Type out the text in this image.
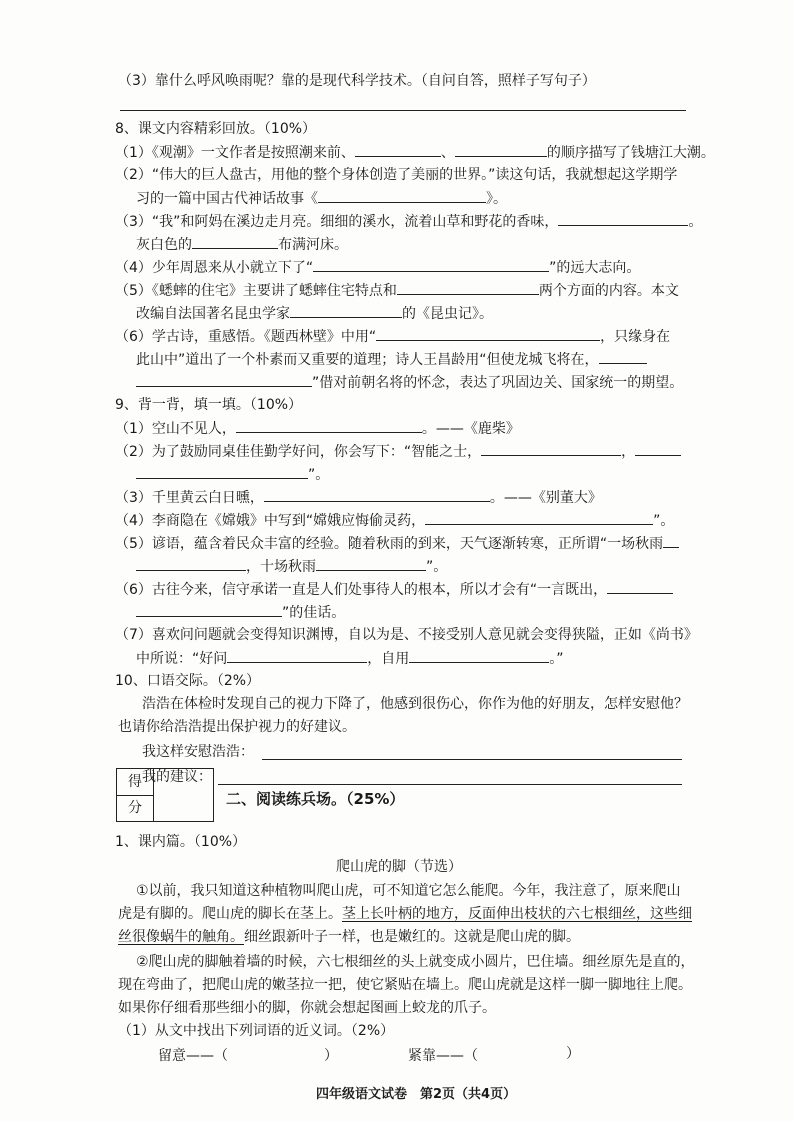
（3）靠什么呼风唤雨呢？靠的是现代科学技术。（自问自答，照样子写句子）
8、课文内容精彩回放。（10%）
（1）《观潮》一文作者是按照潮来前、	、	的顺序描写了钱塘江大潮。
（2）“伟大的巨人盘古，用他的整个身体创造了美丽的世界。”读这句话，我就想起这学期学
习的一篇中国古代神话故事《	》。
（3）“我”和阿妈在溪边走月亮。细细的溪水，流着山草和野花的香味，	。
灰白色的	布满河床。
（4）少年周恩来从小就立下了“	”的远大志向。
（5）《蟋蟀的住宅》主要讲了蟋蟀住宅特点和	两个方面的内容。本文
改编自法国著名昆虫学家	的《昆虫记》。
（6）学古诗，重感悟。《题西林壁》中用“	，只缘身在
此山中”道出了一个朴素而又重要的道理；诗人王昌龄用“但使龙城飞将在，
”借对前朝名将的怀念，表达了巩固边关、国家统一的期望。
9、背一背，填一填。（10%）
（1）空山不见人，	。——《鹿柴》
（2）为了鼓励同桌佳佳勤学好问，你会写下：“智能之士，	，
”。
（3）千里黄云白日曛，	。——《别董大》
（4）李商隐在《嫦娥》中写到“嫦娥应悔偷灵药，	”。
（5）谚语，蕴含着民众丰富的经验。随着秋雨的到来，天气逐渐转寒，正所谓“一场秋雨
，十场秋雨	”。
（6）古往今来，信守承诺一直是人们处事待人的根本，所以才会有“一言既出，
”的佳话。
（7）喜欢问问题就会变得知识渊博，自以为是、不接受别人意见就会变得狭隘，正如《尚书》
中所说：“好问	，自用	。”
10、口语交际。（2%）
浩浩在体检时发现自己的视力下降了，他感到很伤心，你作为他的好朋友，怎样安慰他？
也请你给浩浩提出保护视力的好建议。
我这样安慰浩浩：
我的建议：
得
分	二、阅读练兵场。（25%）
1、课内篇。（10%）
爬山虎的脚（节选）
①以前，我只知道这种植物叫爬山虎，可不知道它怎么能爬。今年，我注意了，原来爬山
虎是有脚的。爬山虎的脚长在茎上。茎上长叶柄的地方，反面伸出枝状的六七根细丝，这些细
丝很像蜗牛的触角。细丝跟新叶子一样，也是嫩红的。这就是爬山虎的脚。
②爬山虎的脚触着墙的时候，六七根细丝的头上就变成小圆片，巴住墙。细丝原先是直的，
现在弯曲了，把爬山虎的嫩茎拉一把，使它紧贴在墙上。爬山虎就是这样一脚一脚地往上爬。
如果你仔细看那些细小的脚，你就会想起图画上蛟龙的爪子。
（1）从文中找出下列词语的近义词。（2%）
留意——（	）	紧靠——（	）
四年级语文试卷　第2页（共4页）
